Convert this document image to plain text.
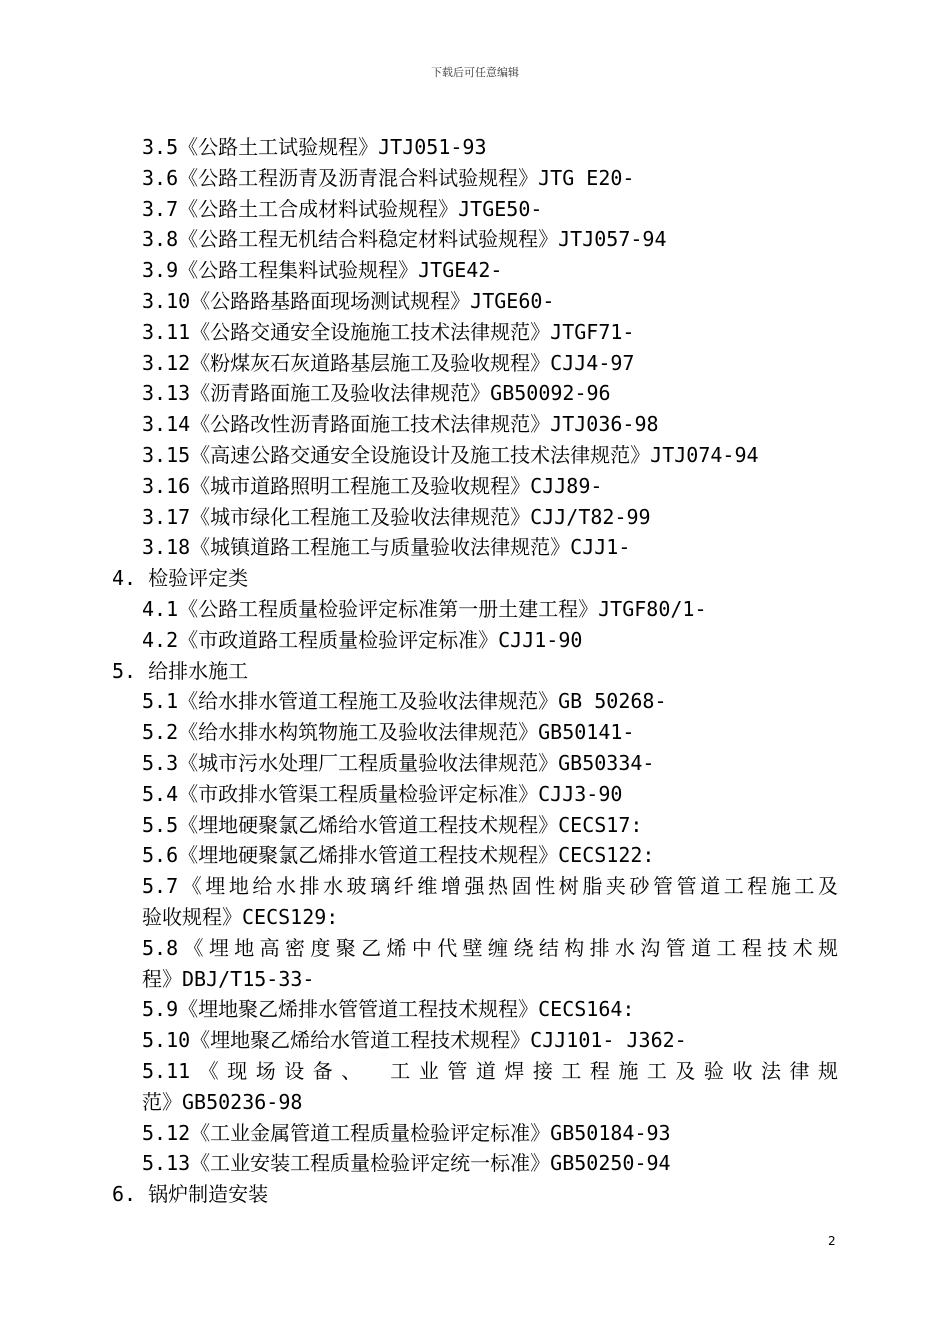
下载后可任意编辑
3.5《公路土工试验规程》JTJ051-93
3.6《公路工程沥青及沥青混合料试验规程》JTG E20-
3.7《公路土工合成材料试验规程》JTGE50-
3.8《公路工程无机结合料稳定材料试验规程》JTJ057-94
3.9《公路工程集料试验规程》JTGE42-
3.10《公路路基路面现场测试规程》JTGE60-
3.11《公路交通安全设施施工技术法律规范》JTGF71-
3.12《粉煤灰石灰道路基层施工及验收规程》CJJ4-97
3.13《沥青路面施工及验收法律规范》GB50092-96
3.14《公路改性沥青路面施工技术法律规范》JTJ036-98
3.15《高速公路交通安全设施设计及施工技术法律规范》JTJ074-94
3.16《城市道路照明工程施工及验收规程》CJJ89-
3.17《城市绿化工程施工及验收法律规范》CJJ/T82-99
3.18《城镇道路工程施工与质量验收法律规范》CJJ1-
4. 检验评定类
4.1《公路工程质量检验评定标准第一册土建工程》JTGF80/1-
4.2《市政道路工程质量检验评定标准》CJJ1-90
5. 给排水施工
5.1《给水排水管道工程施工及验收法律规范》GB 50268-
5.2《给水排水构筑物施工及验收法律规范》GB50141-
5.3《城市污水处理厂工程质量验收法律规范》GB50334-
5.4《市政排水管渠工程质量检验评定标准》CJJ3-90
5.5《埋地硬聚氯乙烯给水管道工程技术规程》CECS17:
5.6《埋地硬聚氯乙烯排水管道工程技术规程》CECS122:
5.7《埋地给水排水玻璃纤维增强热固性树脂夹砂管管道工程施工及
验收规程》CECS129:
5.8《埋地高密度聚乙烯中代壁缠绕结构排水沟管道工程技术规
程》DBJ/T15-33-
5.9《埋地聚乙烯排水管管道工程技术规程》CECS164:
5.10《埋地聚乙烯给水管道工程技术规程》CJJ101- J362-
5.11《现场设备、 工业管道焊接工程施工及验收法律规
范》GB50236-98
5.12《工业金属管道工程质量检验评定标准》GB50184-93
5.13《工业安装工程质量检验评定统一标准》GB50250-94
6. 锅炉制造安装
2
